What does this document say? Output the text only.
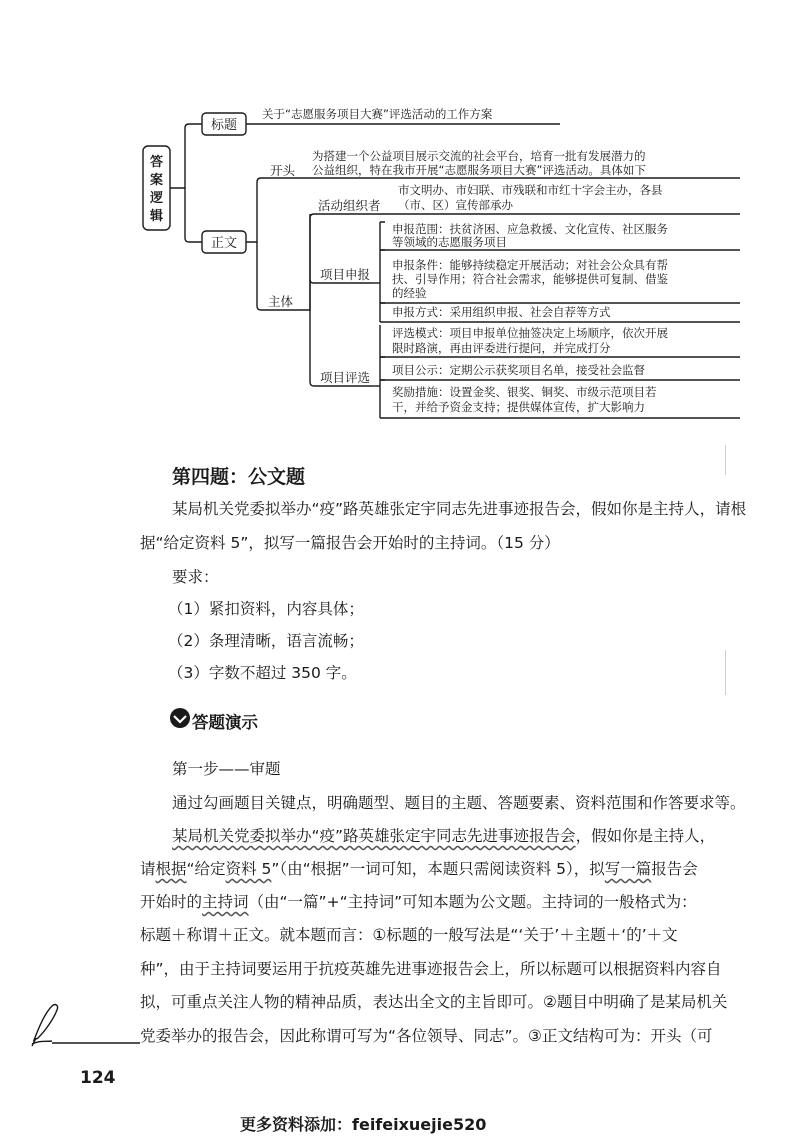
答
案
逻
辑
标题
关于“志愿服务项目大赛”评选活动的工作方案
正文
开头
为搭建一个公益项目展示交流的社会平台，培育一批有发展潜力的
公益组织，特在我市开展“志愿服务项目大赛”评选活动。具体如下
主体
活动组织者
市文明办、市妇联、市残联和市红十字会主办，各县
（市、区）宣传部承办
项目申报
申报范围：扶贫济困、应急救援、文化宣传、社区服务
等领域的志愿服务项目
申报条件：能够持续稳定开展活动；对社会公众具有帮
扶、引导作用；符合社会需求，能够提供可复制、借鉴
的经验
申报方式：采用组织申报、社会自荐等方式
项目评选
评选模式：项目申报单位抽签决定上场顺序，依次开展
限时路演，再由评委进行提问，并完成打分
项目公示：定期公示获奖项目名单，接受社会监督
奖励措施：设置金奖、银奖、铜奖、市级示范项目若
干，并给予资金支持；提供媒体宣传，扩大影响力
第四题：公文题
某局机关党委拟举办“疫”路英雄张定宇同志先进事迹报告会，假如你是主持人，请根
据“给定资料 5”，拟写一篇报告会开始时的主持词。（15 分）
要求：
（1）紧扣资料，内容具体；
（2）条理清晰，语言流畅；
（3）字数不超过 350 字。
答题演示
第一步——审题
通过勾画题目关键点，明确题型、题目的主题、答题要素、资料范围和作答要求等。
某局机关党委拟举办“疫”路英雄张定宇同志先进事迹报告会，假如你是主持人，
请根据“给定资料 5”（由“根据”一词可知，本题只需阅读资料 5），拟写一篇报告会
开始时的主持词（由“一篇”+“主持词”可知本题为公文题。主持词的一般格式为：
标题＋称谓＋正文。就本题而言：①标题的一般写法是“‘关于’＋主题＋‘的’＋文
种”，由于主持词要运用于抗疫英雄先进事迹报告会上，所以标题可以根据资料内容自
拟，可重点关注人物的精神品质，表达出全文的主旨即可。②题目中明确了是某局机关
党委举办的报告会，因此称谓可写为“各位领导、同志”。③正文结构可为：开头（可
124
更多资料添加：feifeixuejie520
